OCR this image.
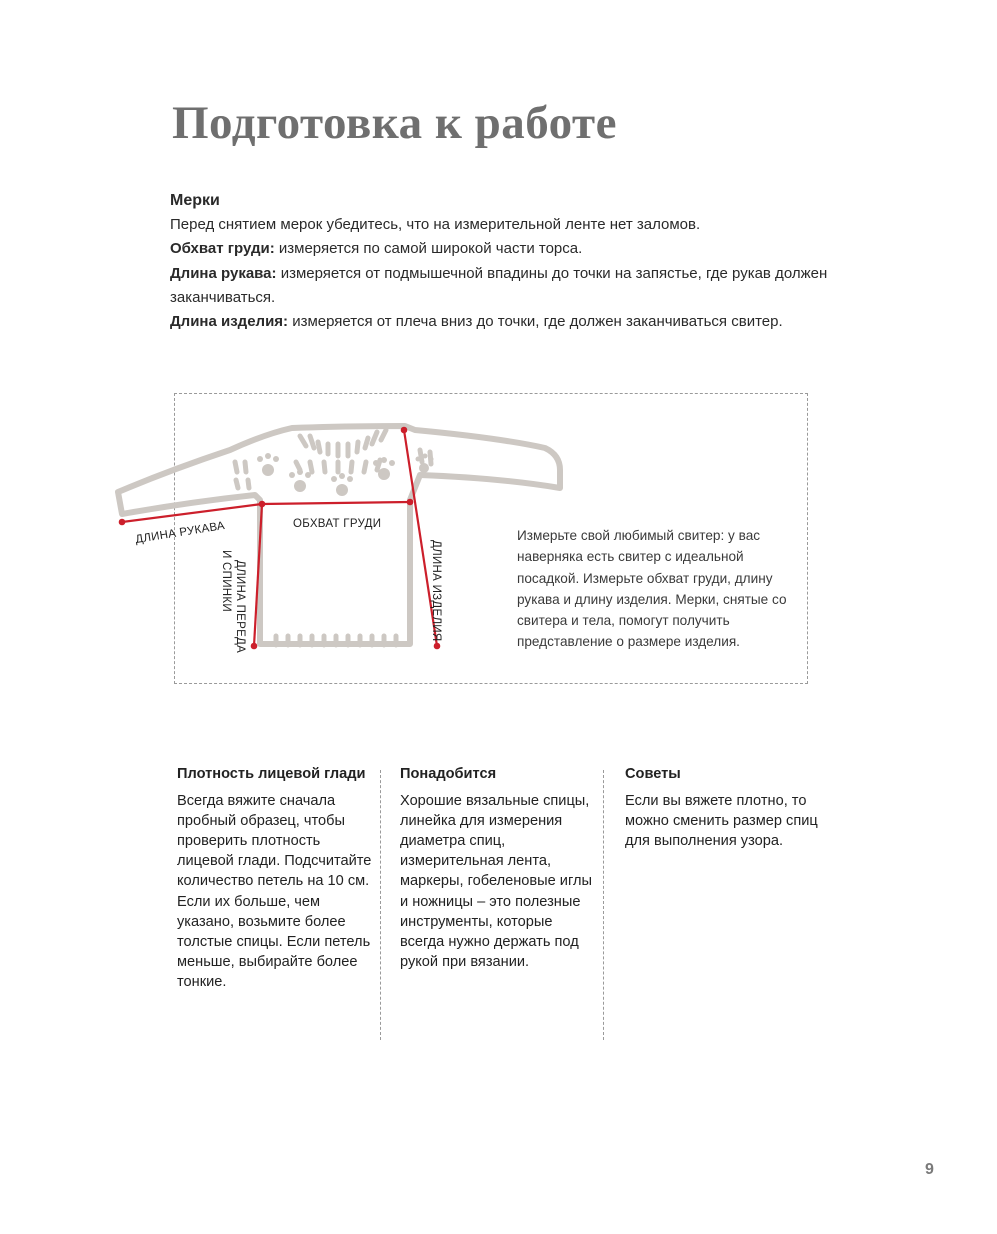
Подготовка к работе
Мерки

Перед снятием мерок убедитесь, что на измерительной ленте нет заломов.

Обхват груди: измеряется по самой широкой части торса.

Длина рукава: измеряется от подмышечной впадины до точки на запястье, где рукав должен заканчиваться.

Длина изделия: измеряется от плеча вниз до точки, где должен заканчиваться свитер.

ДЛИНА РУКАВА	ОБХВАТ ГРУДИ
ДЛИНА ПЕРЕДА
И СПИНКИ	ДЛИНА ИЗДЕЛИЯ

Измерьте свой любимый свитер: у вас наверняка есть свитер с идеальной посадкой. Измерьте обхват груди, длину рукава и длину изделия. Мерки, снятые со свитера и тела, помогут получить представление о размере изделия.

Плотность лицевой глади

Всегда вяжите сначала пробный образец, чтобы проверить плотность лицевой глади. Подсчитайте количество петель на 10 см. Если их больше, чем указано, возьмите более толстые спицы. Если петель меньше, выбирайте более тонкие.

Понадобится

Хорошие вязальные спицы, линейка для измерения диаметра спиц, измерительная лента, маркеры, гобеленовые иглы и ножницы – это полезные инструменты, которые всегда нужно держать под рукой при вязании.

Советы

Если вы вяжете плотно, то можно сменить размер спиц для выполнения узора.

9
